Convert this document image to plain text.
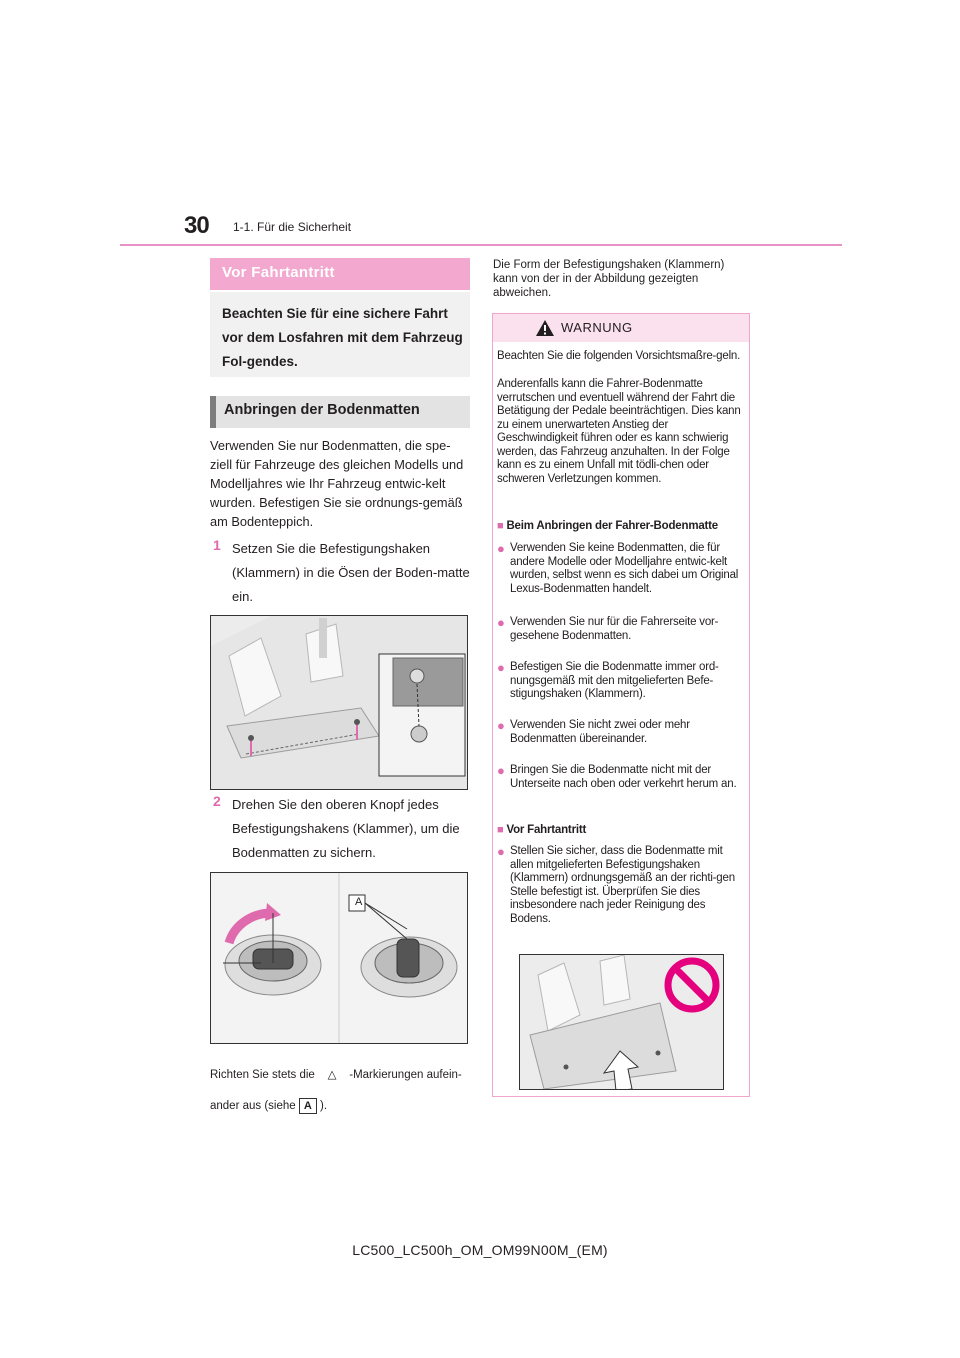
30 1-1. Für die Sicherheit
Vor Fahrtantritt
Beachten Sie für eine sichere Fahrt vor dem Losfahren mit dem Fahrzeug Fol-gendes.
Anbringen der Bodenmatten
Verwenden Sie nur Bodenmatten, die spe-ziell für Fahrzeuge des gleichen Modells und Modelljahres wie Ihr Fahrzeug entwic-kelt wurden. Befestigen Sie sie ordnungs-gemäß am Bodenteppich.
1 Setzen Sie die Befestigungshaken (Klammern) in die Ösen der Boden-matte ein.
2 Drehen Sie den oberen Knopf jedes Befestigungshakens (Klammer), um die Bodenmatten zu sichern.
A
Richten Sie stets die △ -Markierungen aufein-ander aus (siehe A ).
Die Form der Befestigungshaken (Klammern) kann von der in der Abbildung gezeigten abweichen.
WARNUNG
Beachten Sie die folgenden Vorsichtsmaßre-geln.
Anderenfalls kann die Fahrer-Bodenmatte verrutschen und eventuell während der Fahrt die Betätigung der Pedale beeinträchtigen. Dies kann zu einem unerwarteten Anstieg der Geschwindigkeit führen oder es kann schwierig werden, das Fahrzeug anzuhalten. In der Folge kann es zu einem Unfall mit tödli-chen oder schweren Verletzungen kommen.
■ Beim Anbringen der Fahrer-Bodenmatte
● Verwenden Sie keine Bodenmatten, die für andere Modelle oder Modelljahre entwic-kelt wurden, selbst wenn es sich dabei um Original Lexus-Bodenmatten handelt.
● Verwenden Sie nur für die Fahrerseite vor-gesehene Bodenmatten.
● Befestigen Sie die Bodenmatte immer ord-nungsgemäß mit den mitgelieferten Befe-stigungshaken (Klammern).
● Verwenden Sie nicht zwei oder mehr Bodenmatten übereinander.
● Bringen Sie die Bodenmatte nicht mit der Unterseite nach oben oder verkehrt herum an.
■ Vor Fahrtantritt
● Stellen Sie sicher, dass die Bodenmatte mit allen mitgelieferten Befestigungshaken (Klammern) ordnungsgemäß an der richti-gen Stelle befestigt ist. Überprüfen Sie dies insbesondere nach jeder Reinigung des Bodens.
LC500_LC500h_OM_OM99N00M_(EM)
